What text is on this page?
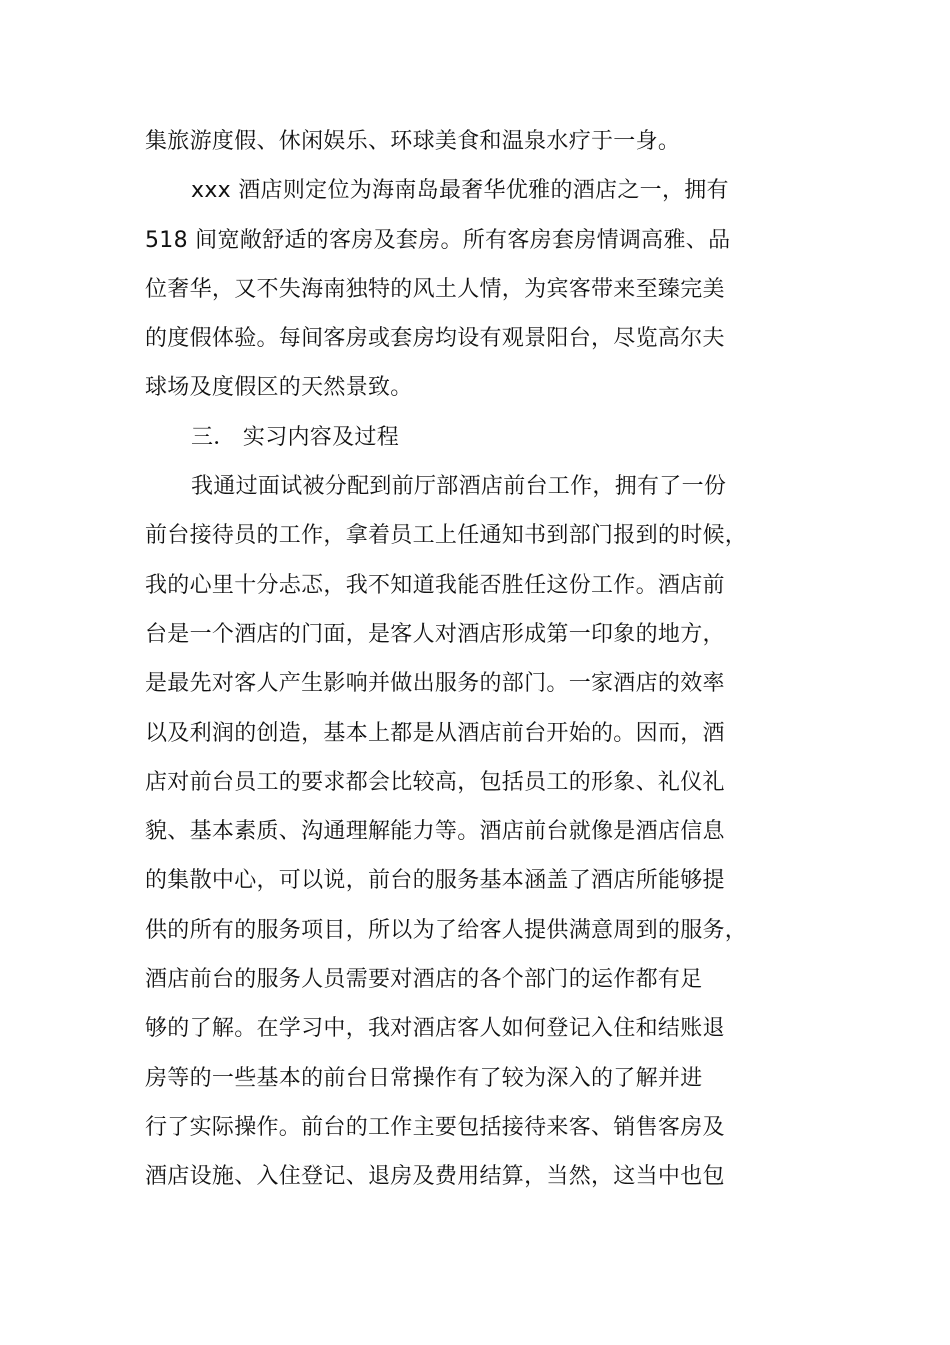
集旅游度假、休闲娱乐、环球美食和温泉水疗于一身。
xxx 酒店则定位为海南岛最奢华优雅的酒店之一，拥有
518 间宽敞舒适的客房及套房。所有客房套房情调高雅、品
位奢华，又不失海南独特的风土人情，为宾客带来至臻完美
的度假体验。每间客房或套房均设有观景阳台，尽览高尔夫
球场及度假区的天然景致。
三． 实习内容及过程
我通过面试被分配到前厅部酒店前台工作，拥有了一份
前台接待员的工作，拿着员工上任通知书到部门报到的时候，
我的心里十分忐忑，我不知道我能否胜任这份工作。酒店前
台是一个酒店的门面，是客人对酒店形成第一印象的地方，
是最先对客人产生影响并做出服务的部门。一家酒店的效率
以及利润的创造，基本上都是从酒店前台开始的。因而，酒
店对前台员工的要求都会比较高，包括员工的形象、礼仪礼
貌、基本素质、沟通理解能力等。酒店前台就像是酒店信息
的集散中心，可以说，前台的服务基本涵盖了酒店所能够提
供的所有的服务项目，所以为了给客人提供满意周到的服务，
酒店前台的服务人员需要对酒店的各个部门的运作都有足
够的了解。在学习中，我对酒店客人如何登记入住和结账退
房等的一些基本的前台日常操作有了较为深入的了解并进
行了实际操作。前台的工作主要包括接待来客、销售客房及
酒店设施、入住登记、退房及费用结算，当然，这当中也包
